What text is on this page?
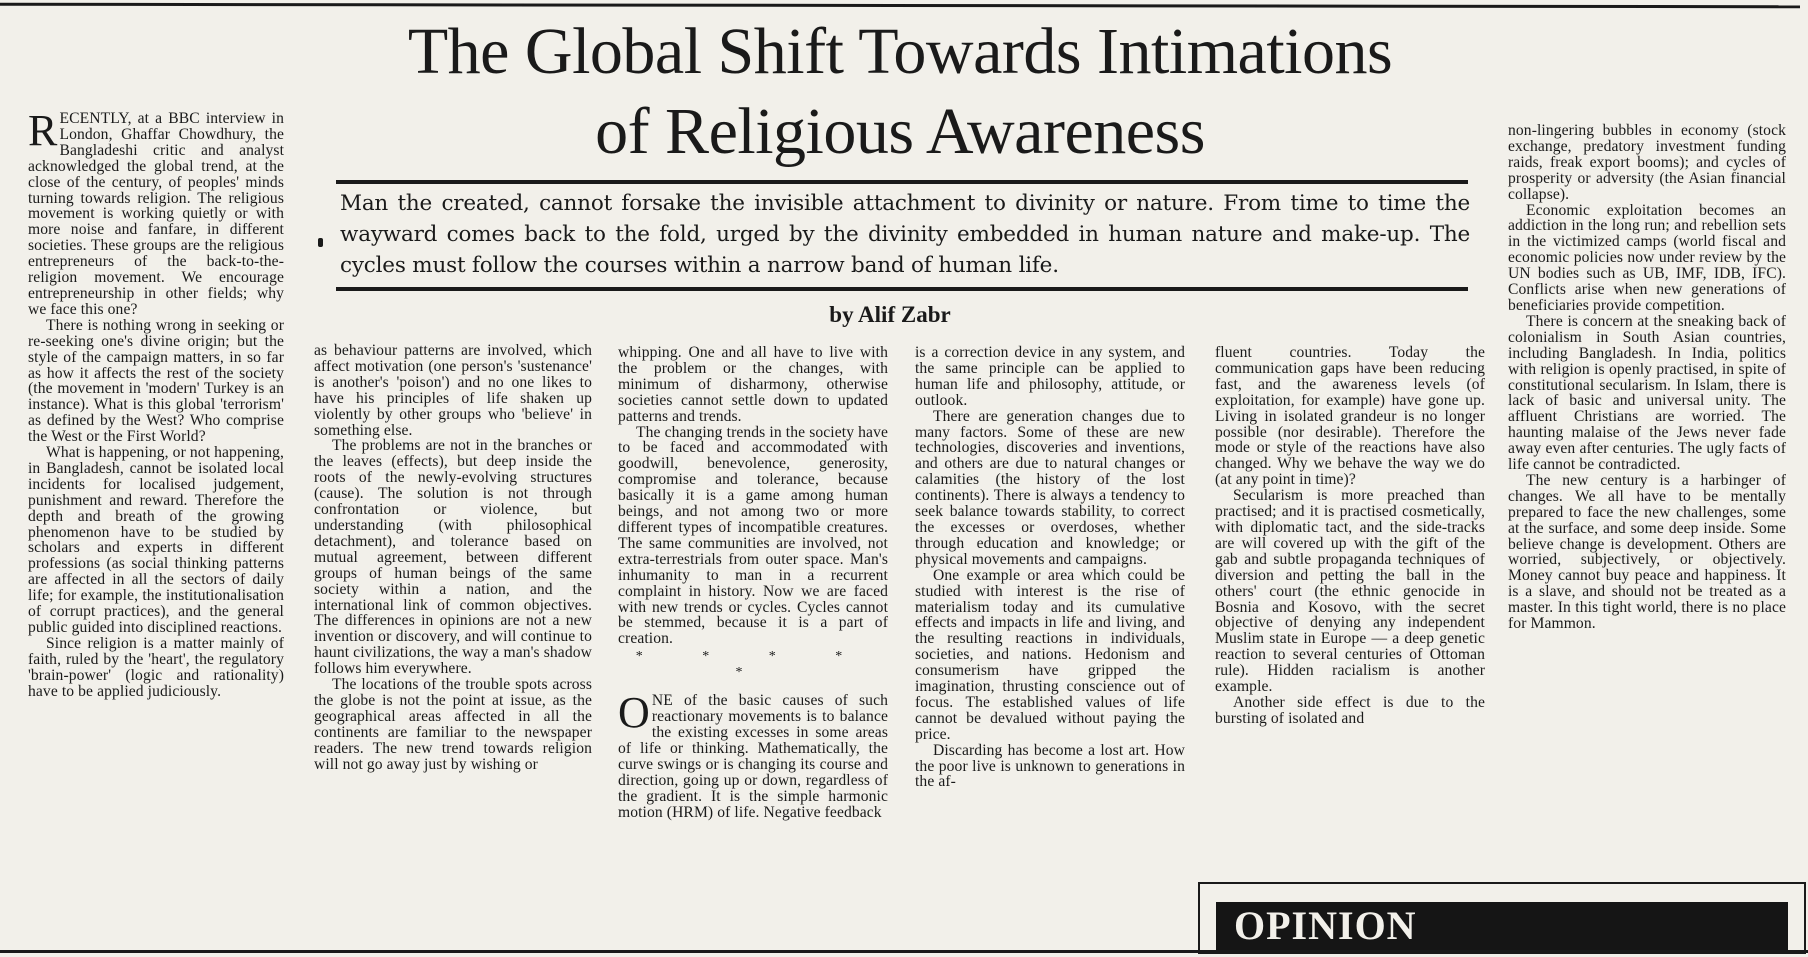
The Global Shift Towards Intimations
of Religious Awareness
Man the created, cannot forsake the invisible attachment to divinity or nature. From time to time the wayward comes back to the fold, urged by the divinity embedded in human nature and make-up. The cycles must follow the courses within a narrow band of human life.
by Alif Zabr

RECENTLY, at a BBC interview in London, Ghaffar Chowdhury, the Bangladeshi critic and analyst acknowledged the global trend, at the close of the century, of peoples' minds turning towards religion. The religious movement is working quietly or with more noise and fanfare, in different societies. These groups are the religious entrepreneurs of the back-to-the-religion movement. We encourage entrepreneurship in other fields; why we face this one?

There is nothing wrong in seeking or re-seeking one's divine origin; but the style of the campaign matters, in so far as how it affects the rest of the society (the movement in 'modern' Turkey is an instance). What is this global 'terrorism' as defined by the West? Who comprise the West or the First World?

What is happening, or not happening, in Bangladesh, cannot be isolated local incidents for localised judgement, punishment and reward. Therefore the depth and breath of the growing phenomenon have to be studied by scholars and experts in different professions (as social thinking patterns are affected in all the sectors of daily life; for example, the institutionalisation of corrupt practices), and the general public guided into disciplined reactions.

Since religion is a matter mainly of faith, ruled by the 'heart', the regulatory 'brain-power' (logic and rationality) have to be applied judiciously.

as behaviour patterns are involved, which affect motivation (one person's 'sustenance' is another's 'poison') and no one likes to have his principles of life shaken up violently by other groups who 'believe' in something else.

The problems are not in the branches or the leaves (effects), but deep inside the roots of the newly-evolving structures (cause). The solution is not through confrontation or violence, but understanding (with philosophical detachment), and tolerance based on mutual agreement, between different groups of human beings of the same society within a nation, and the international link of common objectives. The differences in opinions are not a new invention or discovery, and will continue to haunt civilizations, the way a man's shadow follows him everywhere.

The locations of the trouble spots across the globe is not the point at issue, as the geographical areas affected in all the continents are familiar to the newspaper readers. The new trend towards religion will not go away just by wishing or

whipping. One and all have to live with the problem or the changes, with minimum of disharmony, otherwise societies cannot settle down to updated patterns and trends.

The changing trends in the society have to be faced and accommodated with goodwill, benevolence, generosity, compromise and tolerance, because basically it is a game among human beings, and not among two or more different types of incompatible creatures. The same communities are involved, not extra-terrestrials from outer space. Man's inhumanity to man in a recurrent complaint in history. Now we are faced with new trends or cycles. Cycles cannot be stemmed, because it is a part of creation.

* * * * *

ONE of the basic causes of such reactionary movements is to balance the existing excesses in some areas of life or thinking. Mathematically, the curve swings or is changing its course and direction, going up or down, regardless of the gradient. It is the simple harmonic motion (HRM) of life. Negative feedback

is a correction device in any system, and the same principle can be applied to human life and philosophy, attitude, or outlook.

There are generation changes due to many factors. Some of these are new technologies, discoveries and inventions, and others are due to natural changes or calamities (the history of the lost continents). There is always a tendency to seek balance towards stability, to correct the excesses or overdoses, whether through education and knowledge; or physical movements and campaigns.

One example or area which could be studied with interest is the rise of materialism today and its cumulative effects and impacts in life and living, and the resulting reactions in individuals, societies, and nations. Hedonism and consumerism have gripped the imagination, thrusting conscience out of focus. The established values of life cannot be devalued without paying the price.

Discarding has become a lost art. How the poor live is unknown to generations in the af-

fluent countries. Today the communication gaps have been reducing fast, and the awareness levels (of exploitation, for example) have gone up. Living in isolated grandeur is no longer possible (nor desirable). Therefore the mode or style of the reactions have also changed. Why we behave the way we do (at any point in time)?

Secularism is more preached than practised; and it is practised cosmetically, with diplomatic tact, and the side-tracks are will covered up with the gift of the gab and subtle propaganda techniques of diversion and petting the ball in the others' court (the ethnic genocide in Bosnia and Kosovo, with the secret objective of denying any independent Muslim state in Europe — a deep genetic reaction to several centuries of Ottoman rule). Hidden racialism is another example.

Another side effect is due to the bursting of isolated and

non-lingering bubbles in economy (stock exchange, predatory investment funding raids, freak export booms); and cycles of prosperity or adversity (the Asian financial collapse).

Economic exploitation becomes an addiction in the long run; and rebellion sets in the victimized camps (world fiscal and economic policies now under review by the UN bodies such as UB, IMF, IDB, IFC). Conflicts arise when new generations of beneficiaries provide competition.

There is concern at the sneaking back of colonialism in South Asian countries, including Bangladesh. In India, politics with religion is openly practised, in spite of constitutional secularism. In Islam, there is lack of basic and universal unity. The affluent Christians are worried. The haunting malaise of the Jews never fade away even after centuries. The ugly facts of life cannot be contradicted.

The new century is a harbinger of changes. We all have to be mentally prepared to face the new challenges, some at the surface, and some deep inside. Some believe change is development. Others are worried, subjectively, or objectively. Money cannot buy peace and happiness. It is a slave, and should not be treated as a master. In this tight world, there is no place for Mammon.

OPINION
